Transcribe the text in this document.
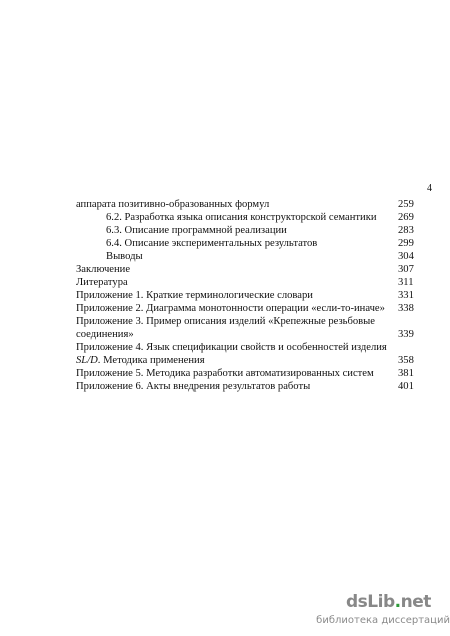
4
аппарата позитивно-образованных формул	259
6.2. Разработка языка описания конструкторской семантики 269
6.3. Описание программной реализации	283
6.4. Описание экспериментальных результатов	299
Выводы	304
Заключение	307
Литература	311
Приложение 1. Краткие терминологические словари	331
Приложение 2. Диаграмма монотонности операции «если-то-иначе» 338
Приложение 3. Пример описания изделий «Крепежные резьбовые
соединения»	339
Приложение 4. Язык спецификации свойств и особенностей изделия
SL/D. Методика применения	358
Приложение 5. Методика разработки автоматизированных систем 381
Приложение 6. Акты внедрения результатов работы	401
dsLib.net
библиотека диссертаций
